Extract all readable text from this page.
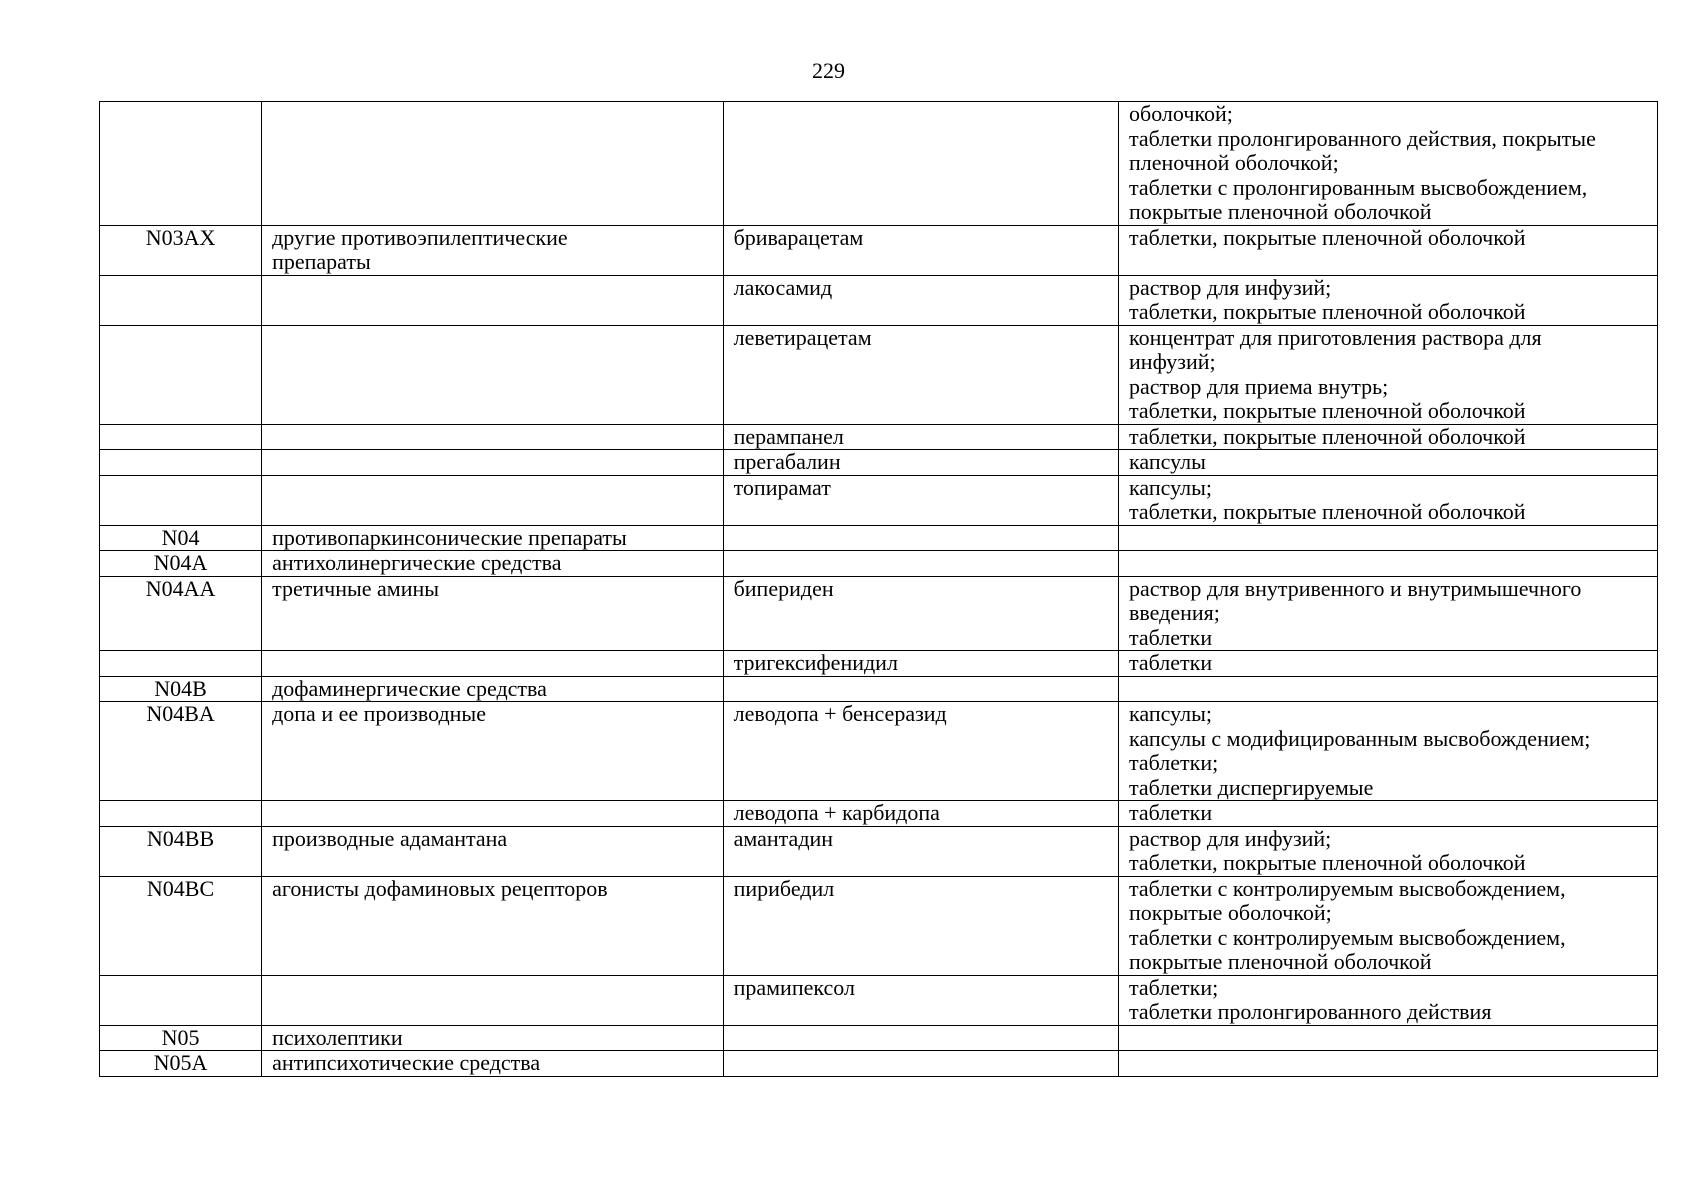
229
			оболочкой;
таблетки пролонгированного действия, покрытые
пленочной оболочкой;
таблетки с пролонгированным высвобождением,
покрытые пленочной оболочкой
N03AX	другие противоэпилептические
препараты	бриварацетам	таблетки, покрытые пленочной оболочкой
		лакосамид	раствор для инфузий;
таблетки, покрытые пленочной оболочкой
		леветирацетам	концентрат для приготовления раствора для
инфузий;
раствор для приема внутрь;
таблетки, покрытые пленочной оболочкой
		перампанел	таблетки, покрытые пленочной оболочкой
		прегабалин	капсулы
		топирамат	капсулы;
таблетки, покрытые пленочной оболочкой
N04	противопаркинсонические препараты		
N04A	антихолинергические средства		
N04AA	третичные амины	бипериден	раствор для внутривенного и внутримышечного
введения;
таблетки
		тригексифенидил	таблетки
N04B	дофаминергические средства		
N04BA	допа и ее производные	леводопа + бенсеразид	капсулы;
капсулы с модифицированным высвобождением;
таблетки;
таблетки диспергируемые
		леводопа + карбидопа	таблетки
N04BB	производные адамантана	амантадин	раствор для инфузий;
таблетки, покрытые пленочной оболочкой
N04BC	агонисты дофаминовых рецепторов	пирибедил	таблетки с контролируемым высвобождением,
покрытые оболочкой;
таблетки с контролируемым высвобождением,
покрытые пленочной оболочкой
		прамипексол	таблетки;
таблетки пролонгированного действия
N05	психолептики		
N05A	антипсихотические средства		
